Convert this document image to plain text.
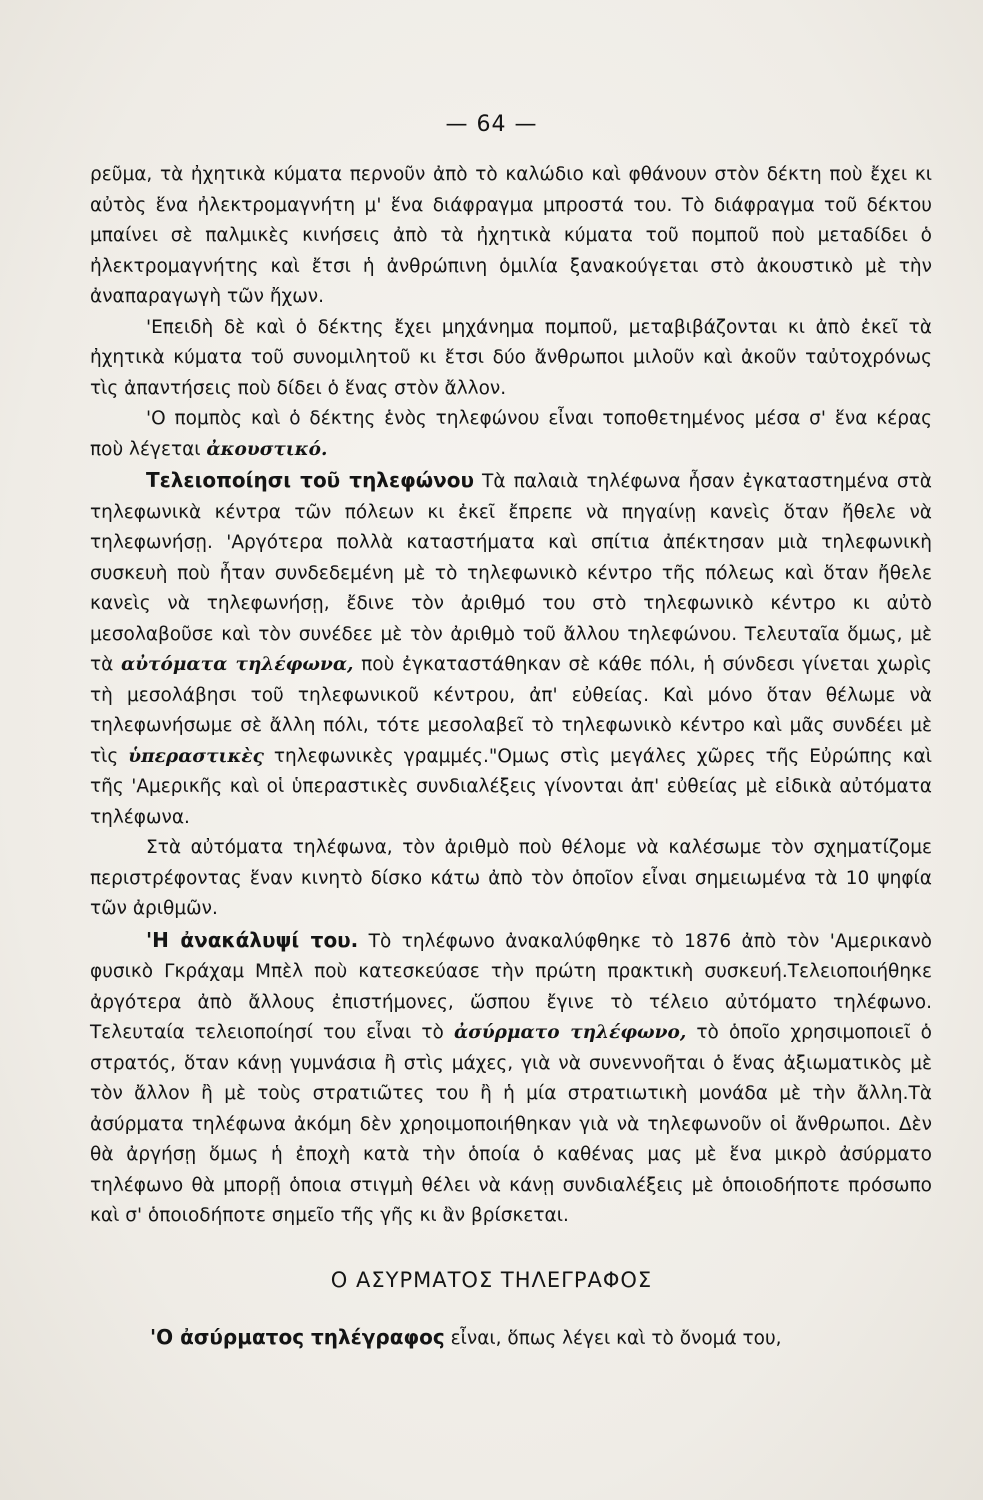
— 64 —

ρεῦμα, τὰ ἠχητικὰ κύματα περνοῦν ἀπὸ τὸ καλώδιο καὶ φθάνουν στὸν δέκτη ποὺ ἔχει κι αὐτὸς ἕνα ἠλεκτρομαγνήτη μ' ἕνα διάφραγμα μπροστά του. Τὸ διάφραγμα τοῦ δέκτου μπαίνει σὲ παλμικὲς κινήσεις ἀπὸ τὰ ἠχητικὰ κύματα τοῦ πομποῦ ποὺ μεταδίδει ὁ ἠλεκτρομαγνήτης καὶ ἔτσι ἡ ἀνθρώπινη ὁμιλία ξανακούγεται στὸ ἀκουστικὸ μὲ τὴν ἀναπαραγωγὴ τῶν ἤχων.

'Επειδὴ δὲ καὶ ὁ δέκτης ἔχει μηχάνημα πομποῦ, μεταβιβάζονται κι ἀπὸ ἐκεῖ τὰ ἠχητικὰ κύματα τοῦ συνομιλητοῦ κι ἔτσι δύο ἄνθρωποι μιλοῦν καὶ ἀκοῦν ταὐτοχρόνως τὶς ἀπαντήσεις ποὺ δίδει ὁ ἕνας στὸν ἄλλον.

'Ο πομπὸς καὶ ὁ δέκτης ἑνὸς τηλεφώνου εἶναι τοποθετημένος μέσα σ' ἕνα κέρας ποὺ λέγεται ἀκουστικό.

Τελειοποίησι τοῦ τηλεφώνου Τὰ παλαιὰ τηλέφωνα ἦσαν ἐγκαταστημένα στὰ τηλεφωνικὰ κέντρα τῶν πόλεων κι ἐκεῖ ἔπρεπε νὰ πηγαίνῃ κανεὶς ὅταν ἤθελε νὰ τηλεφωνήσῃ. 'Αργότερα πολλὰ καταστήματα καὶ σπίτια ἀπέκτησαν μιὰ τηλεφωνικὴ συσκευὴ ποὺ ἦταν συνδεδεμένη μὲ τὸ τηλεφωνικὸ κέντρο τῆς πόλεως καὶ ὅταν ἤθελε κανεὶς νὰ τηλεφωνήσῃ, ἔδινε τὸν ἀριθμό του στὸ τηλεφωνικὸ κέντρο κι αὐτὸ μεσολαβοῦσε καὶ τὸν συνέδεε μὲ τὸν ἀριθμὸ τοῦ ἄλλου τηλεφώνου. Τελευταῖα ὅμως, μὲ τὰ αὐτόματα τηλέφωνα, ποὺ ἐγκαταστάθηκαν σὲ κάθε πόλι, ἡ σύνδεσι γίνεται χωρὶς τὴ μεσολάβησι τοῦ τηλεφωνικοῦ κέντρου, ἀπ' εὐθείας. Καὶ μόνο ὅταν θέλωμε νὰ τηλεφωνήσωμε σὲ ἄλλη πόλι, τότε μεσολαβεῖ τὸ τηλεφωνικὸ κέντρο καὶ μᾶς συνδέει μὲ τὶς ὑπεραστικὲς τηλεφωνικὲς γραμμές."Ομως στὶς μεγάλες χῶρες τῆς Εὐρώπης καὶ τῆς 'Αμερικῆς καὶ οἱ ὑπεραστικὲς συνδιαλέξεις γίνονται ἀπ' εὐθείας μὲ εἰδικὰ αὐτόματα τηλέφωνα.

Στὰ αὐτόματα τηλέφωνα, τὸν ἀριθμὸ ποὺ θέλομε νὰ καλέσωμε τὸν σχηματίζομε περιστρέφοντας ἕναν κινητὸ δίσκο κάτω ἀπὸ τὸν ὁποῖον εἶναι σημειωμένα τὰ 10 ψηφία τῶν ἀριθμῶν.

'Η ἀνακάλυψί του. Τὸ τηλέφωνο ἀνακαλύφθηκε τὸ 1876 ἀπὸ τὸν 'Αμερικανὸ φυσικὸ Γκράχαμ Μπὲλ ποὺ κατεσκεύασε τὴν πρώτη πρακτικὴ συσκευή.Τελειοποιήθηκε ἀργότερα ἀπὸ ἄλλους ἐπιστήμονες, ὥσπου ἔγινε τὸ τέλειο αὐτόματο τηλέφωνο. Τελευταία τελειοποίησί του εἶναι τὸ ἀσύρματο τηλέφωνο, τὸ ὁποῖο χρησιμοποιεῖ ὁ στρατός, ὅταν κάνῃ γυμνάσια ἢ στὶς μάχες, γιὰ νὰ συνεννοῆται ὁ ἕνας ἀξιωματικὸς μὲ τὸν ἄλλον ἢ μὲ τοὺς στρατιῶτες του ἢ ἡ μία στρατιωτικὴ μονάδα μὲ τὴν ἄλλη.Τὰ ἀσύρματα τηλέφωνα ἀκόμη δὲν χρηοιμοποιήθηκαν γιὰ νὰ τηλεφωνοῦν οἱ ἄνθρωποι. Δὲν θὰ ἀργήσῃ ὅμως ἡ ἐποχὴ κατὰ τὴν ὁποία ὁ καθένας μας μὲ ἕνα μικρὸ ἀσύρματο τηλέφωνο θὰ μπορῇ ὁποια στιγμὴ θέλει νὰ κάνῃ συνδιαλέξεις μὲ ὁποιοδήποτε πρόσωπο καὶ σ' ὁποιοδήποτε σημεῖο τῆς γῆς κι ἂν βρίσκεται.

Ο ΑΣΥΡΜΑΤΟΣ ΤΗΛΕΓΡΑΦΟΣ
'Ο ἀσύρματος τηλέγραφος εἶναι, ὅπως λέγει καὶ τὸ ὄνομά του,
